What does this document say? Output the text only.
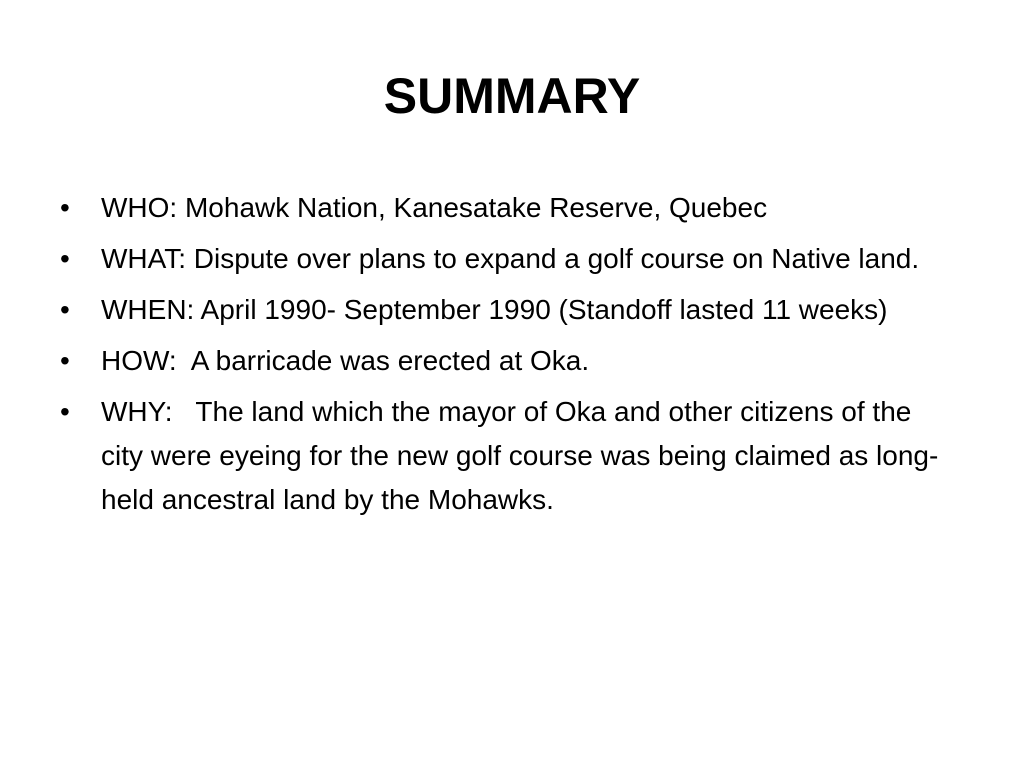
SUMMARY
• WHO: Mohawk Nation, Kanesatake Reserve, Quebec
• WHAT: Dispute over plans to expand a golf course on Native land.
• WHEN: April 1990- September 1990 (Standoff lasted 11 weeks)
• HOW:  A barricade was erected at Oka.
• WHY:   The land which the mayor of Oka and other citizens of the city were eyeing for the new golf course was being claimed as long-held ancestral land by the Mohawks.
